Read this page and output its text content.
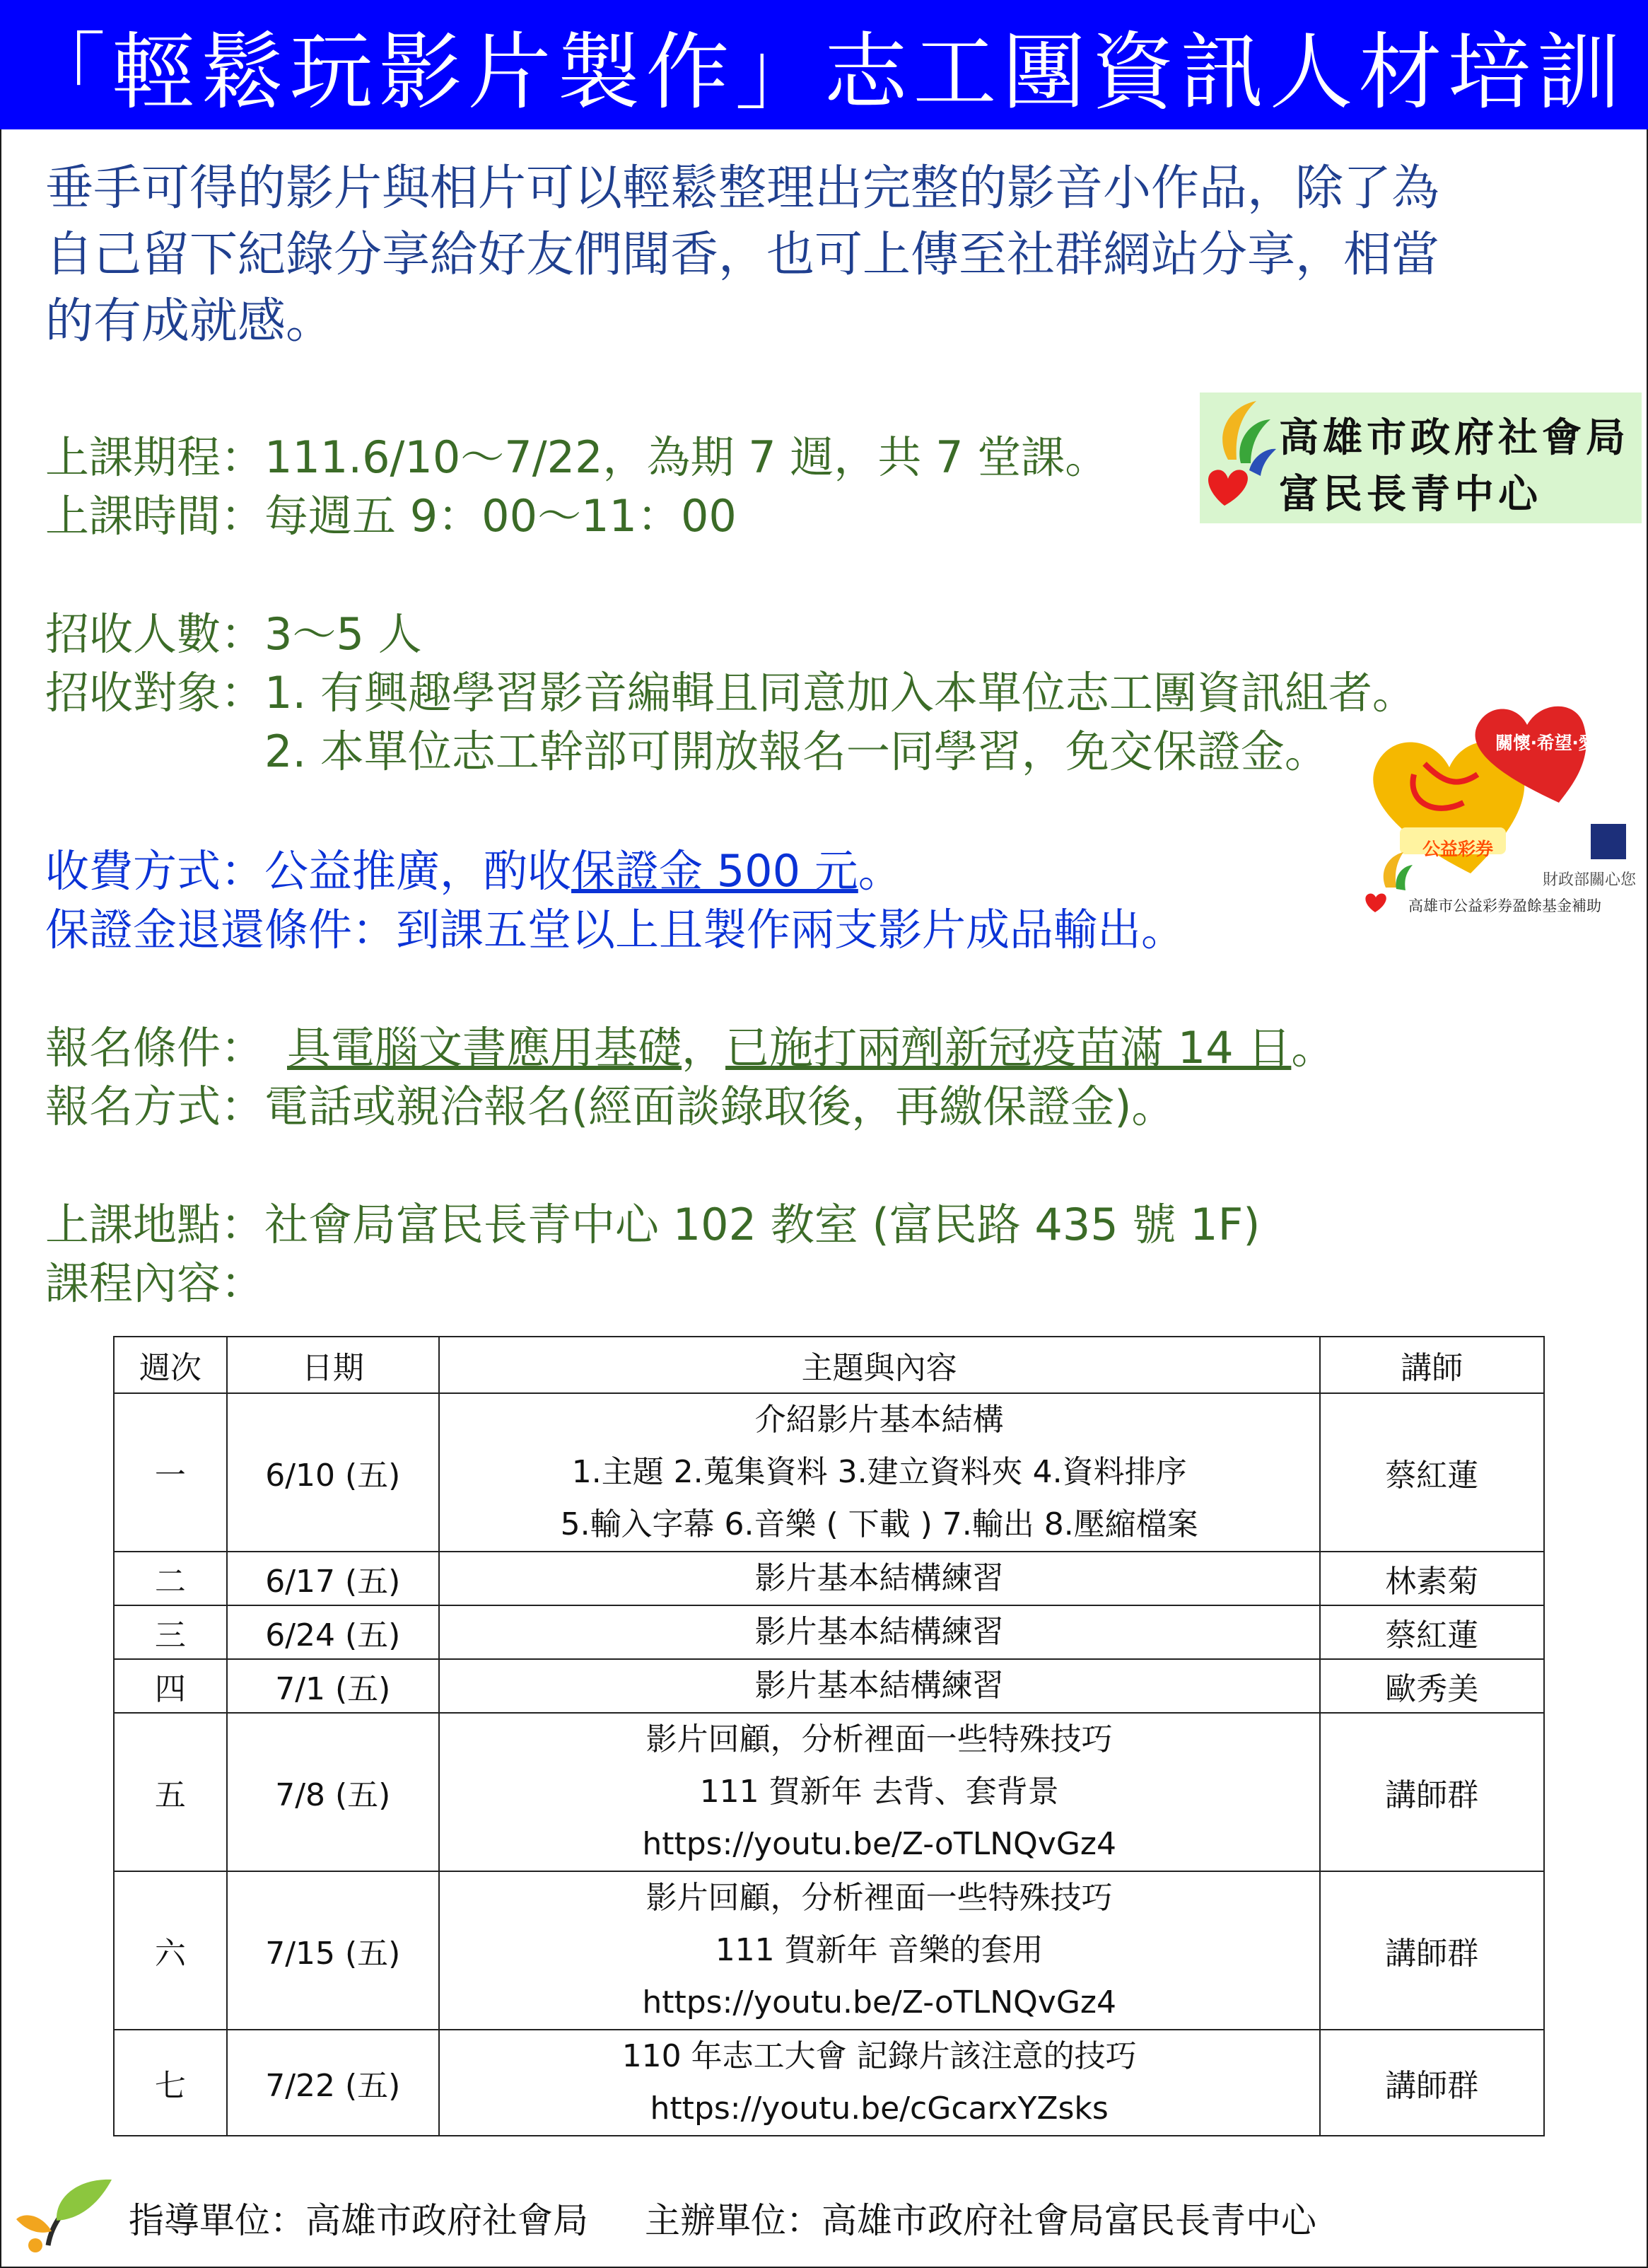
「輕鬆玩影片製作」志工團資訊人材培訓

垂手可得的影片與相片可以輕鬆整理出完整的影音小作品，除了為

自己留下紀錄分享給好友們聞香，也可上傳至社群網站分享，相當

的有成就感。

上課期程： 111.6/10～7/22，為期 7 週，共 7 堂課。
上課時間： 每週五 9：00～11：00
招收人數： 3～5 人
招收對象： 1. 有興趣學習影音編輯且同意加入本單位志工團資訊組者。
2. 本單位志工幹部可開放報名一同學習，免交保證金。
收費方式： 公益推廣，酌收 保證金 500 元 。
保證金退還條件： 到課五堂以上且製作兩支影片成品輸出。
報名條件： 具電腦文書應用基礎 ， 已施打兩劑新冠疫苗滿 14 日 。
報名方式： 電話或親洽報名(經面談錄取後，再繳保證金)。
上課地點： 社會局富民長青中心 102 教室 (富民路 435 號 1F)
課程內容：
高雄市政府社會局
富民長青中心
關懷‧希望‧愛
公益彩券
財政部關心您
高雄市公益彩券盈餘基金補助
週次	日期	主題與內容	講師
一	6/10 (五)	介紹影片基本結構
1.主題 2.蒐集資料 3.建立資料夾 4.資料排序
5.輸入字幕 6.音樂 ( 下載 ) 7.輸出 8.壓縮檔案	蔡紅蓮
二	6/17 (五)	影片基本結構練習	林素菊
三	6/24 (五)	影片基本結構練習	蔡紅蓮
四	7/1 (五)	影片基本結構練習	歐秀美
五	7/8 (五)	影片回顧，分析裡面一些特殊技巧
111 賀新年 去背、套背景
https://youtu.be/Z-oTLNQvGz4	講師群
六	7/15 (五)	影片回顧，分析裡面一些特殊技巧
111 賀新年 音樂的套用
https://youtu.be/Z-oTLNQvGz4	講師群
七	7/22 (五)	110 年志工大會 記錄片該注意的技巧
https://youtu.be/cGcarxYZsks	講師群
指導單位：高雄市政府社會局 主辦單位：高雄市政府社會局富民長青中心
